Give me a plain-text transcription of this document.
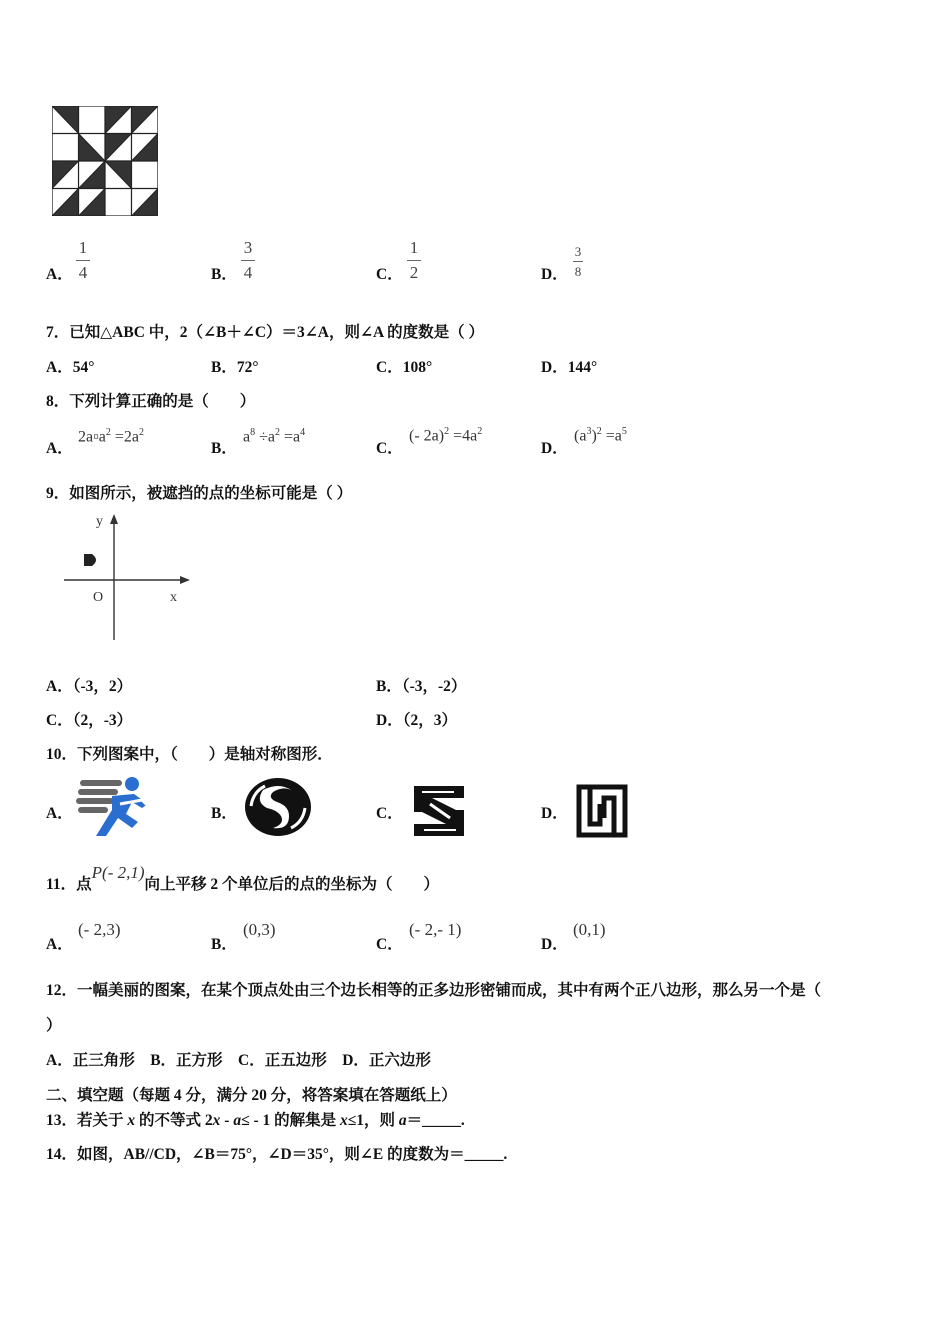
A．
1
4	B．
3
4	C．
1
2	D．
3
8
7．已知△ABC 中，2（∠B＋∠C）＝3∠A，则∠A 的度数是（ ）
A．54°	B．72°	C．108°	D．144°
8．下列计算正确的是（　　）
A．
$2a▫a^2 =2a^2$
B．
$a^8 \div a^2 =a^4$
C．
(- $2a)^2 =4a^2$
D．
$(a^3)^2 =a^5$
9．如图所示，被遮挡的点的坐标可能是（ ）
y
x
O
A．（-3，2）	B．（-3，-2）
C．（2，-3）	D．（2，3）
10．下列图案中，（　　）是轴对称图形．
A．	B．	C．	D．
11．点P(- 2,1)向上平移 2 个单位后的点的坐标为（　　）
A．
(- 2,3)
B．
(0,3)
C．
(- 2,- 1)
D．
(0,1)
12．一幅美丽的图案，在某个顶点处由三个边长相等的正多边形密铺而成，其中有两个正八边形，那么另一个是（
）
A．正三角形　B．正方形　C．正五边形　D．正六边形
二、填空题（每题 4 分，满分 20 分，将答案填在答题纸上）
13．若关于 x 的不等式 2x - a≤ - 1 的解集是 x≤1，则 a＝_____.
14．如图，AB//CD，∠B＝75°，∠D＝35°，则∠E 的度数为＝_____.
